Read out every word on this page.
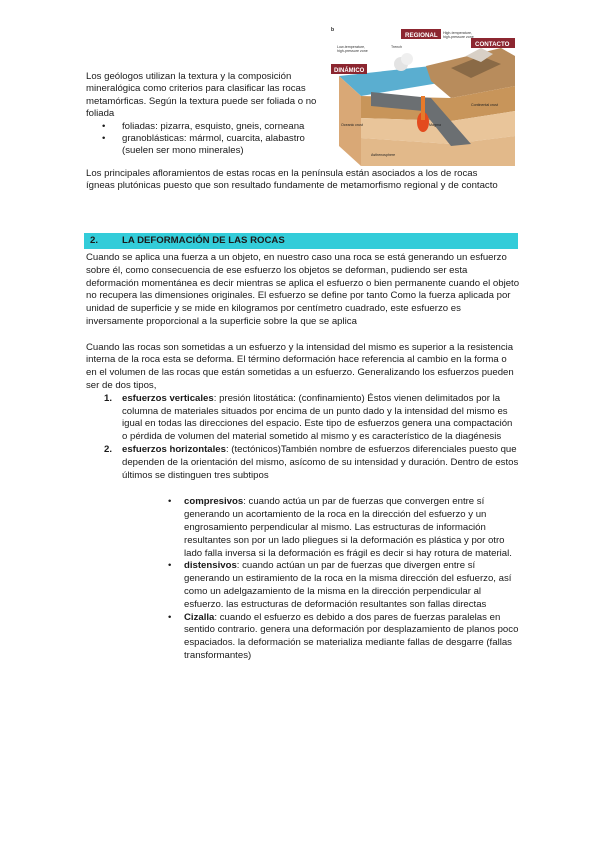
REGIONAL
CONTACTO
DINÁMICO
b	High-temperature,
high-pressure zone
Low-temperature,
high-pressure zone
Trench
Magma
Oceanic crust
Asthenosphere
Continental crust

Los geólogos utilizan la textura y la composición mineralógica como criterios para clasificar las rocas metamórficas. Según la textura puede ser foliada o no foliada

• foliadas: pizarra, esquisto, gneis, corneana
• granoblásticas: mármol, cuarcita, alabastro (suelen ser mono minerales)

Los principales afloramientos de estas rocas en la península están asociados a los de rocas ígneas plutónicas puesto que son resultado fundamente de metamorfismo regional y de contacto

2. LA DEFORMACIÓN DE LAS ROCAS

Cuando se aplica una fuerza a un objeto, en nuestro caso una roca se está generando un esfuerzo sobre él, como consecuencia de ese esfuerzo los objetos se deforman, pudiendo ser esta deformación momentánea es decir mientras se aplica el esfuerzo o bien permanente cuando el objeto no recupera las dimensiones originales. El esfuerzo se define por tanto Como la fuerza aplicada por unidad de superficie y se mide en kilogramos por centímetro cuadrado, este esfuerzo es inversamente proporcional a la superficie sobre la que se aplica

Cuando las rocas son sometidas a un esfuerzo y la intensidad del mismo es superior a la resistencia interna de la roca esta se deforma. El término deformación hace referencia al cambio en la forma o en el volumen de las rocas que están sometidas a un esfuerzo. Generalizando los esfuerzos pueden ser de dos tipos,

1. esfuerzos verticales: presión litostática: (confinamiento) Éstos vienen delimitados por la columna de materiales situados por encima de un punto dado y la intensidad del mismo es igual en todas las direcciones del espacio. Este tipo de esfuerzos genera una compactación o pérdida de volumen del material sometido al mismo y es característico de la diagénesis
2. esfuerzos horizontales: (tectónicos)También nombre de esfuerzos diferenciales puesto que dependen de la orientación del mismo, asícomo de su intensidad y duración. Dentro de estos últimos se distinguen tres subtipos
• compresivos: cuando actúa un par de fuerzas que convergen entre sí generando un acortamiento de la roca en la dirección del esfuerzo y un engrosamiento perpendicular al mismo. Las estructuras de información resultantes son por un lado pliegues si la deformación es plástica y por otro lado falla inversa si la deformación es frágil es decir si hay rotura de material.
• distensivos: cuando actúan un par de fuerzas que divergen entre sí generando un estiramiento de la roca en la misma dirección del esfuerzo, así como un adelgazamiento de la misma en la dirección perpendicular al esfuerzo. las estructuras de deformación resultantes son fallas directas
• Cizalla: cuando el esfuerzo es debido a dos pares de fuerzas paralelas en sentido contrario. genera una deformación por desplazamiento de planos poco espaciados. la deformación se materializa mediante fallas de desgarre (fallas transformantes)
